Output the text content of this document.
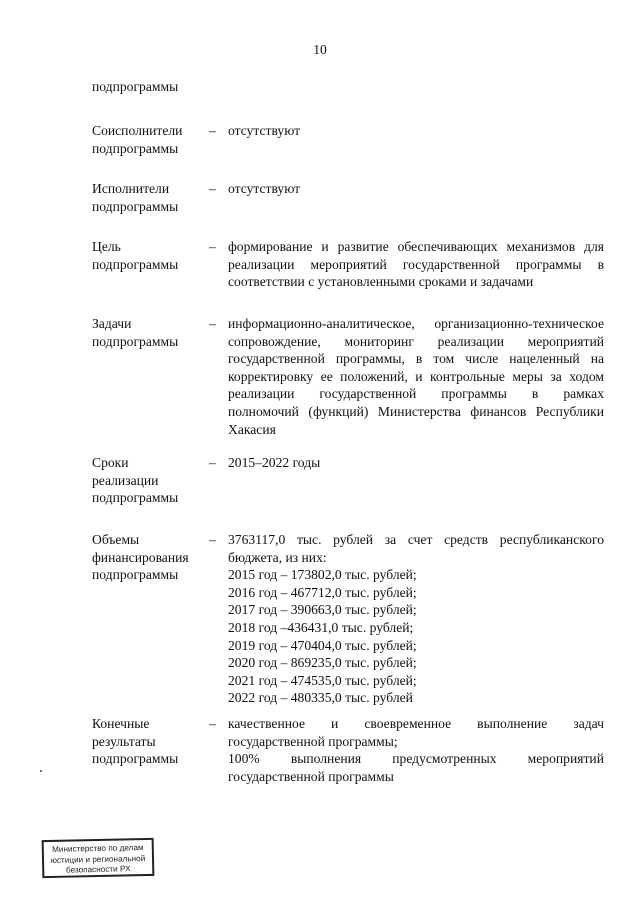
10
подпрограммы
Соисполнители
подпрограммы
– отсутствуют
Исполнители
подпрограммы
– отсутствуют
Цель
подпрограммы
– формирование и развитие обеспечивающих механизмов для
реализации мероприятий государственной программы в
соответствии с установленными сроками и задачами
Задачи
подпрограммы
– информационно-аналитическое, организационно-техническое
сопровождение, мониторинг реализации мероприятий
государственной программы, в том числе нацеленный на
корректировку ее положений, и контрольные меры за ходом
реализации государственной программы в рамках
полномочий (функций) Министерства финансов Республики
Хакасия
Сроки
реализации
подпрограммы
– 2015–2022 годы
Объемы
финансирования
подпрограммы
– 3763117,0 тыс. рублей за счет средств республиканского
бюджета, из них:
2015 год – 173802,0 тыс. рублей;
2016 год – 467712,0 тыс. рублей;
2017 год – 390663,0 тыс. рублей;
2018 год –436431,0 тыс. рублей;
2019 год – 470404,0 тыс. рублей;
2020 год – 869235,0 тыс. рублей;
2021 год – 474535,0 тыс. рублей;
2022 год – 480335,0 тыс. рублей
Конечные
результаты
подпрограммы
– качественное и своевременное выполнение задач
государственной программы;
100% выполнения предусмотренных мероприятий
государственной программы
Министерство по делам
юстиции и региональной
безопасности РХ
